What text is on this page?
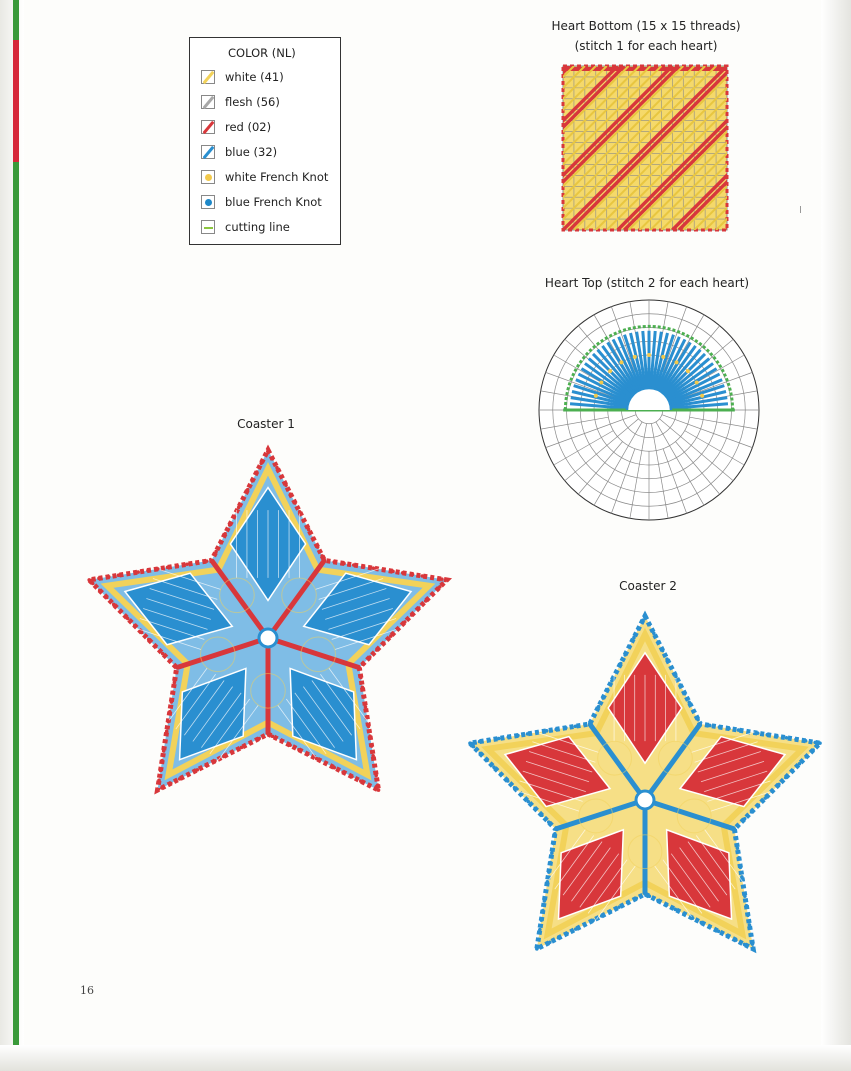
COLOR (NL)
white (41)
flesh (56)
red (02)
blue (32)
white French Knot
blue French Knot
cutting line
Heart Bottom (15 x 15 threads)
(stitch 1 for each heart)
Heart Top (stitch 2 for each heart)
Coaster 1
Coaster 2
16
